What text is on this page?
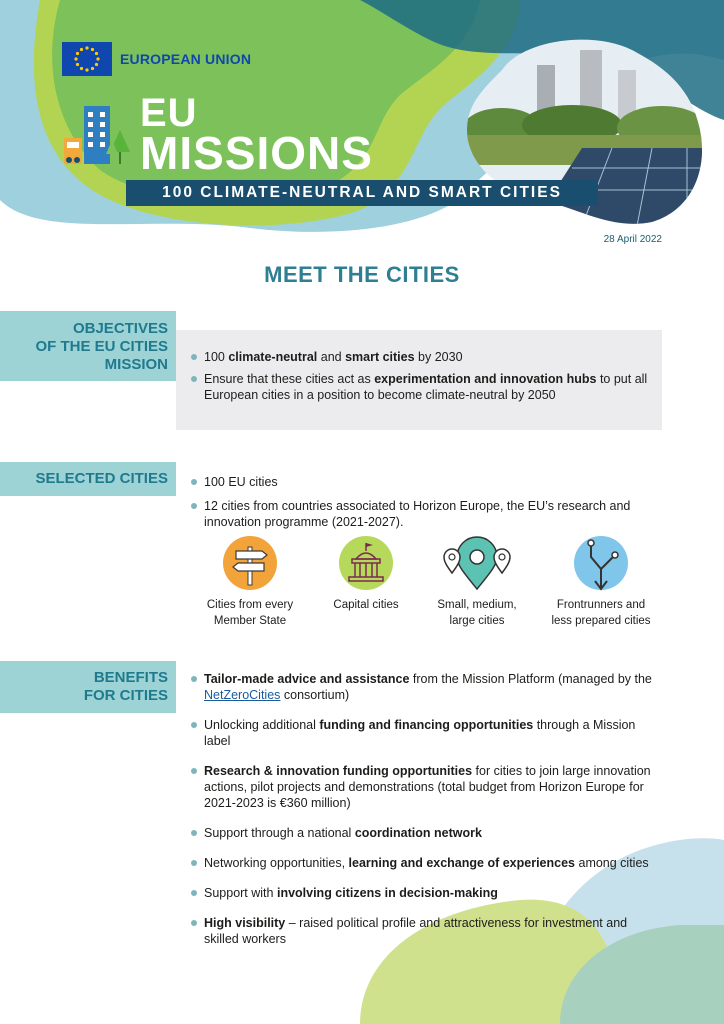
EUROPEAN UNION
EU
MISSIONS
100 CLIMATE-NEUTRAL AND SMART CITIES
28 April 2022
MEET THE CITIES
OBJECTIVES
OF THE EU CITIES
MISSION	100 climate-neutral and smart cities by 2030
Ensure that these cities act as experimentation and innovation hubs to put all European cities in a position to become climate-neutral by 2050
SELECTED CITIES	100 EU cities
12 cities from countries associated to Horizon Europe, the EU’s research and innovation programme (2021-2027).
Cities from every
Member State
Capital cities	Small, medium,
large cities
Frontrunners and
less prepared cities
BENEFITS
FOR CITIES
Tailor-made advice and assistance from the Mission Platform (managed by the NetZeroCities consortium)
Unlocking additional funding and financing opportunities through a Mission label
Research & innovation funding opportunities for cities to join large innovation actions, pilot projects and demonstrations (total budget from Horizon Europe for 2021-2023 is €360 million)
Support through a national coordination network
Networking opportunities, learning and exchange of experiences among cities
Support with involving citizens in decision-making
High visibility – raised political profile and attractiveness for investment and skilled workers
